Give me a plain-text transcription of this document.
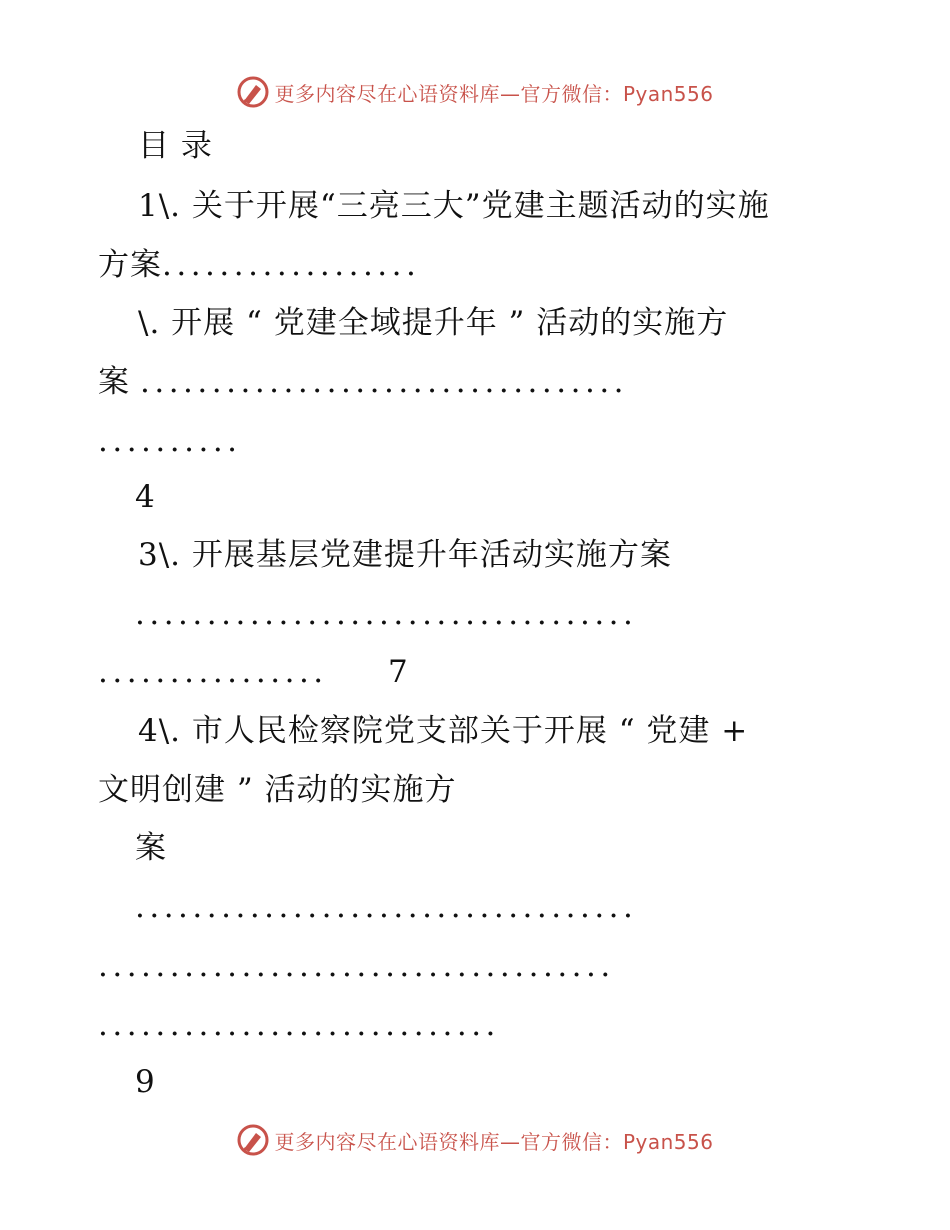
更多内容尽在心语资料库—官方微信：Pyan556
目 录
1\. 关于开展“三亮三大”党建主题活动的实施
方案 ..................
\. 开展 “ 党建全域提升年 ” 活动的实施方
案 ..................................
..........
4
3\. 开展基层党建提升年活动实施方案
...................................
................ 7
4\. 市人民检察院党支部关于开展 “ 党建 +
文明创建 ” 活动的实施方
案
...................................
....................................
............................
9
更多内容尽在心语资料库—官方微信：Pyan556
